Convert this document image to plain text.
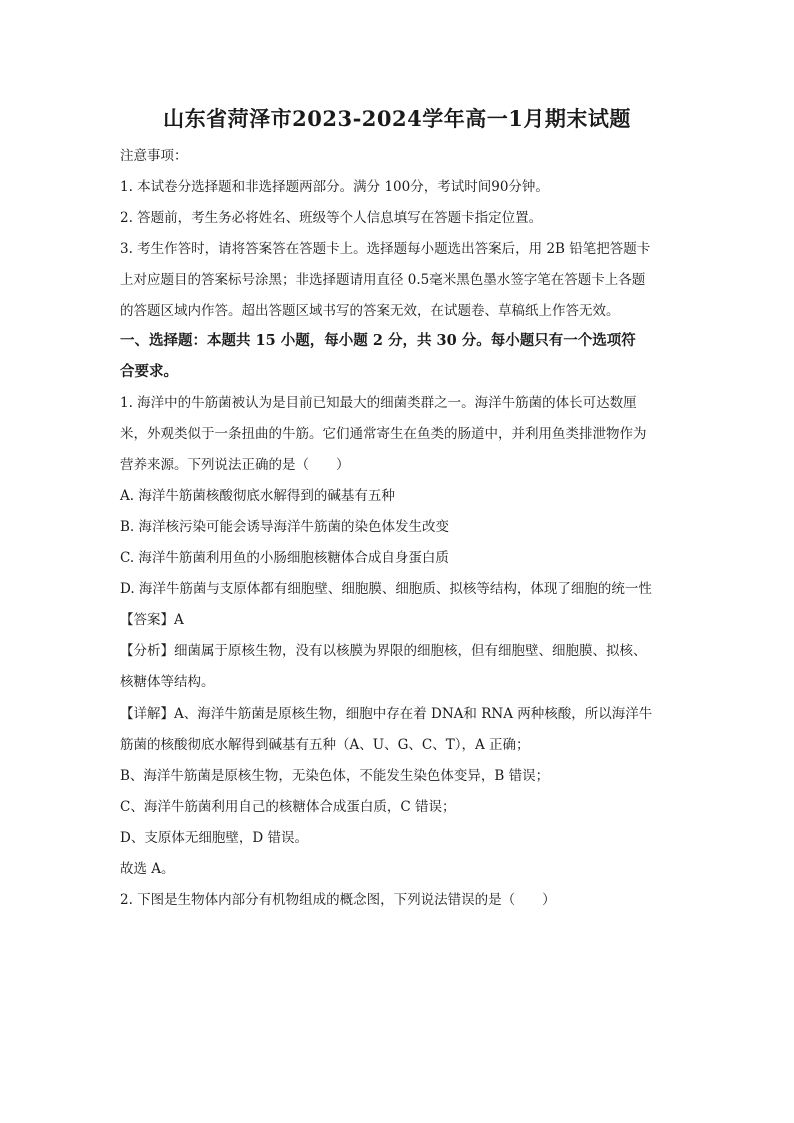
山东省菏泽市2023-2024学年高一1月期末试题
注意事项：
1. 本试卷分选择题和非选择题两部分。满分 100分，考试时间90分钟。
2. 答题前，考生务必将姓名、班级等个人信息填写在答题卡指定位置。
3. 考生作答时，请将答案答在答题卡上。选择题每小题选出答案后，用 2B 铅笔把答题卡
上对应题目的答案标号涂黑；非选择题请用直径 0.5毫米黑色墨水签字笔在答题卡上各题
的答题区域内作答。超出答题区域书写的答案无效，在试题卷、草稿纸上作答无效。
一、选择题：本题共 15 小题，每小题 2 分，共 30 分。每小题只有一个选项符
合要求。
1. 海洋中的牛筋菌被认为是目前已知最大的细菌类群之一。海洋牛筋菌的体长可达数厘
米，外观类似于一条扭曲的牛筋。它们通常寄生在鱼类的肠道中，并利用鱼类排泄物作为
营养来源。下列说法正确的是（　　）
A. 海洋牛筋菌核酸彻底水解得到的碱基有五种
B. 海洋核污染可能会诱导海洋牛筋菌的染色体发生改变
C. 海洋牛筋菌利用鱼的小肠细胞核糖体合成自身蛋白质
D. 海洋牛筋菌与支原体都有细胞壁、细胞膜、细胞质、拟核等结构，体现了细胞的统一性
【答案】A
【分析】细菌属于原核生物，没有以核膜为界限的细胞核，但有细胞壁、细胞膜、拟核、
核糖体等结构。
【详解】A、海洋牛筋菌是原核生物，细胞中存在着 DNA和 RNA 两种核酸，所以海洋牛
筋菌的核酸彻底水解得到碱基有五种（A、U、G、C、T），A 正确；
B、海洋牛筋菌是原核生物，无染色体，不能发生染色体变异，B 错误；
C、海洋牛筋菌利用自己的核糖体合成蛋白质，C 错误；
D、支原体无细胞壁，D 错误。
故选 A。
2. 下图是生物体内部分有机物组成的概念图，下列说法错误的是（　　）
